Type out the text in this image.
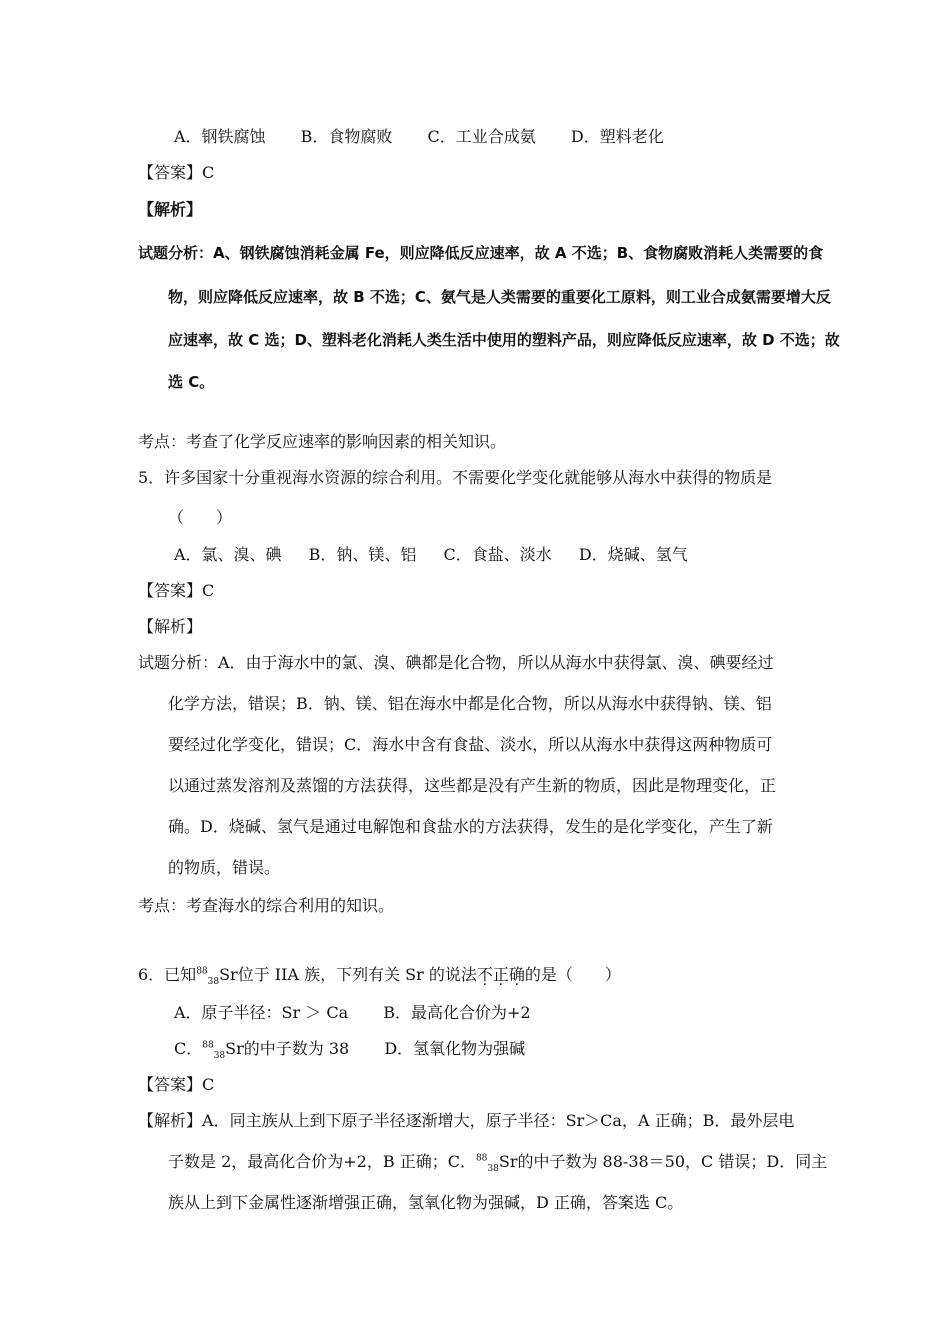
A．钢铁腐蚀 B．食物腐败 C．工业合成氨 D．塑料老化
【答案】C
【解析】
试题分析：A、钢铁腐蚀消耗金属 Fe，则应降低反应速率，故 A 不选；B、食物腐败消耗人类需要的食
物，则应降低反应速率，故 B 不选；C、氨气是人类需要的重要化工原料，则工业合成氨需要增大反
应速率，故 C 选；D、塑料老化消耗人类生活中使用的塑料产品，则应降低反应速率，故 D 不选；故
选 C。
考点：考查了化学反应速率的影响因素的相关知识。
5．许多国家十分重视海水资源的综合利用。不需要化学变化就能够从海水中获得的物质是
（　　）
A．氯、溴、碘 B．钠、镁、铝 C．食盐、淡水 D．烧碱、氢气
【答案】C
【解析】
试题分析：A．由于海水中的氯、溴、碘都是化合物，所以从海水中获得氯、溴、碘要经过
化学方法，错误；B．钠、镁、铝在海水中都是化合物，所以从海水中获得钠、镁、铝
要经过化学变化，错误；C．海水中含有食盐、淡水，所以从海水中获得这两种物质可
以通过蒸发溶剂及蒸馏的方法获得，这些都是没有产生新的物质，因此是物理变化，正
确。D．烧碱、氢气是通过电解饱和食盐水的方法获得，发生的是化学变化，产生了新
的物质，错误。
考点：考查海水的综合利用的知识。
6．已知$^{88}_{38}$Sr位于 IIA 族，下列有关 Sr 的说法不正确的是（　　）
A．原子半径：Sr ＞ Ca B．最高化合价为+2
C．$^{88}_{38}$Sr的中子数为 38 D．氢氧化物为强碱
【答案】C
【解析】A．同主族从上到下原子半径逐渐增大，原子半径：Sr＞Ca，A 正确；B．最外层电
子数是 2，最高化合价为+2，B 正确；C．$^{88}_{38}$Sr的中子数为 88-38＝50，C 错误；D．同主
族从上到下金属性逐渐增强正确，氢氧化物为强碱，D 正确，答案选 C。
